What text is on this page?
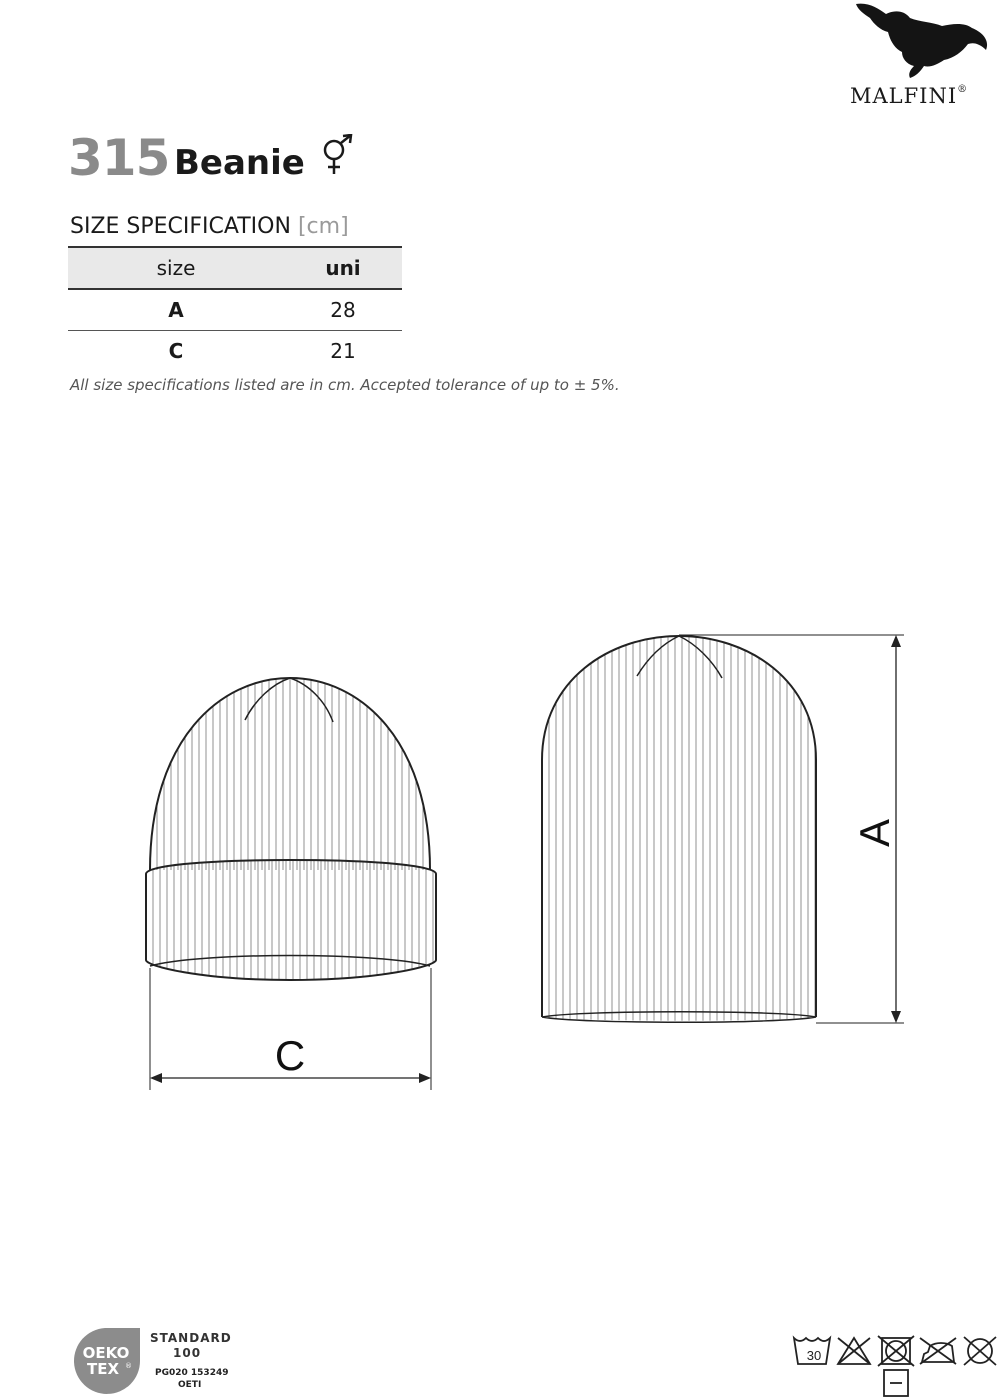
MALFINI®
315 Beanie
SIZE SPECIFICATION [cm]
size	uni
A	28
C	21
All size specifications listed are in cm. Accepted tolerance of up to ± 5%.
C
A
OEKO
TEX ®
STANDARD
100
PG020 153249
OETI
30
